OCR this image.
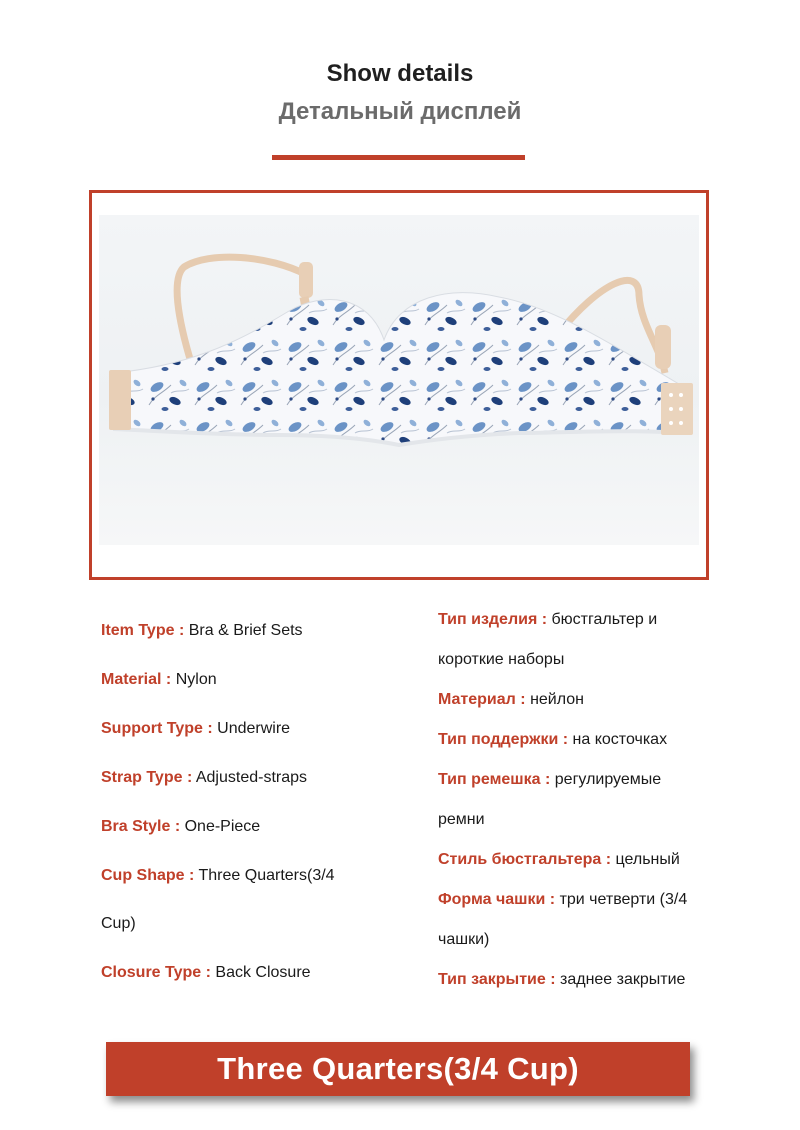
Show details
Детальный дисплей
Item Type : Bra & Brief Sets
Material : Nylon
Support Type : Underwire
Strap Type : Adjusted-straps
Bra Style : One-Piece
Cup Shape : Three Quarters(3/4
Cup)
Closure Type : Back Closure
Тип изделия : бюстгальтер и
короткие наборы
Материал : нейлон
Тип поддержки : на косточках
Тип ремешка : регулируемые
ремни
Стиль бюстгальтера : цельный
Форма чашки : три четверти (3/4
чашки)
Тип закрытие : заднее закрытие
Three Quarters(3/4 Cup)
